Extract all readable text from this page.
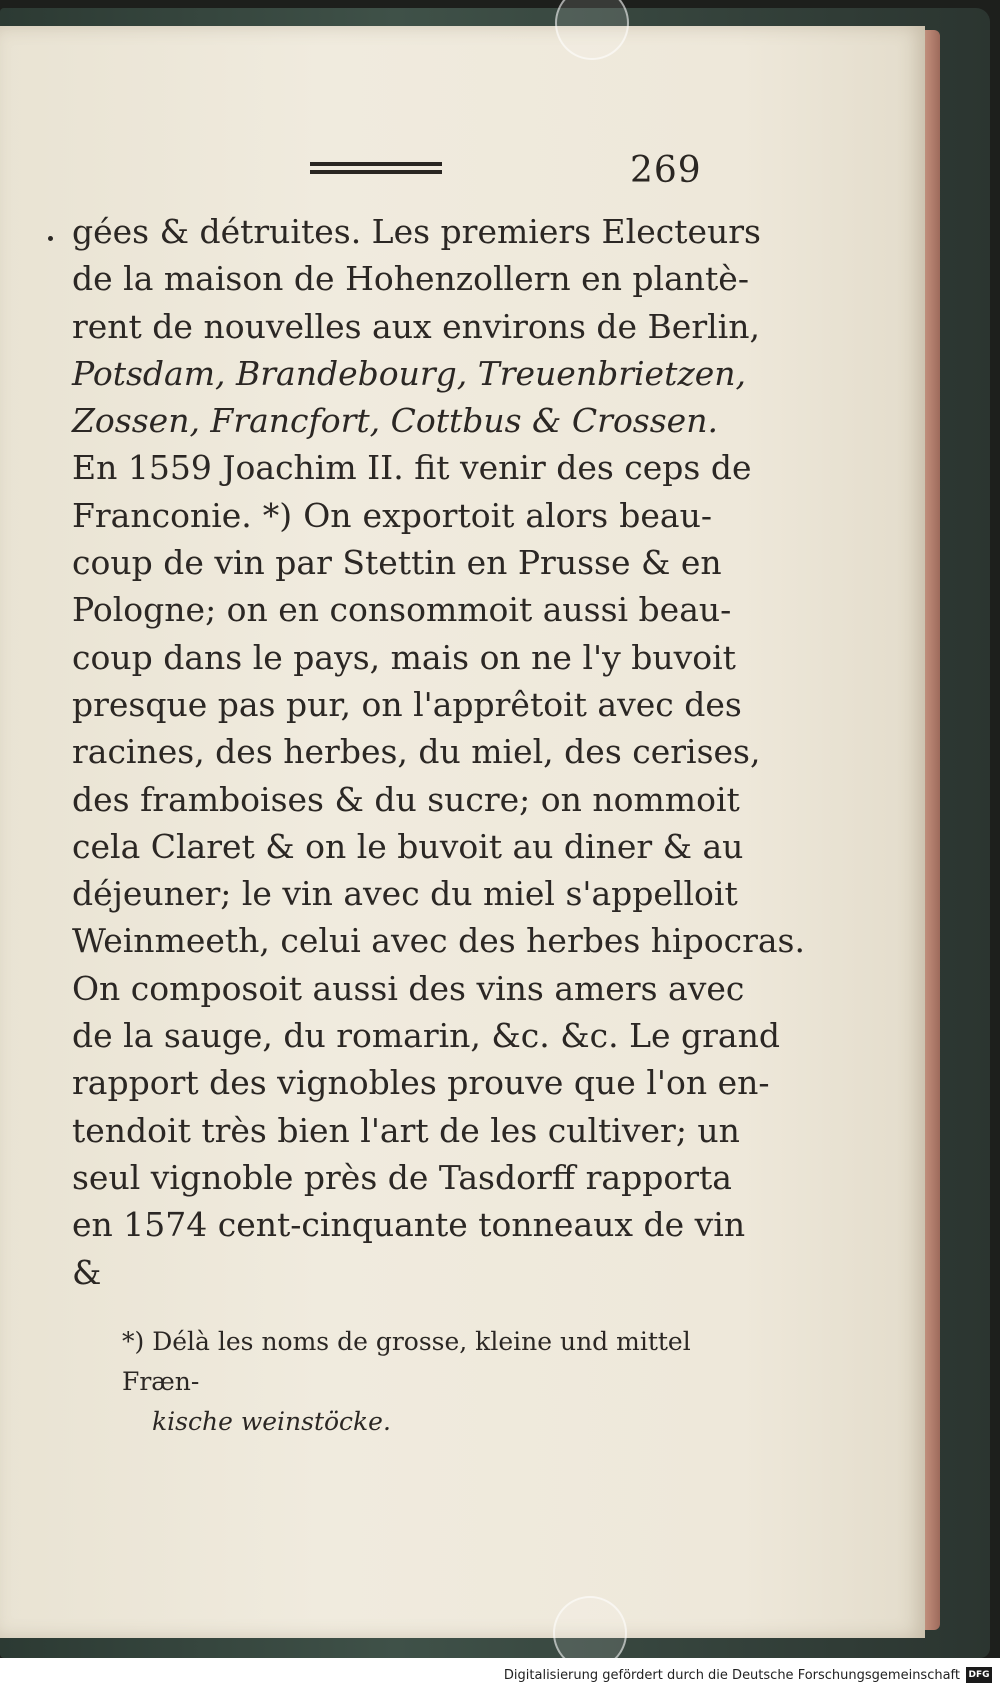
269
gées & détruites. Les premiers Electeurs
de la maison de Hohenzollern en plantè-
rent de nouvelles aux environs de Berlin,
Potsdam, Brandebourg, Treuenbrietzen,
Zossen, Francfort, Cottbus & Crossen.
En 1559 Joachim II. fit venir des ceps de
Franconie. *) On exportoit alors beau-
coup de vin par Stettin en Prusse & en
Pologne; on en consommoit aussi beau-
coup dans le pays, mais on ne l'y buvoit
presque pas pur, on l'apprêtoit avec des
racines, des herbes, du miel, des cerises,
des framboises & du sucre; on nommoit
cela Claret & on le buvoit au diner & au
déjeuner; le vin avec du miel s'appelloit
Weinmeeth, celui avec des herbes hipocras.
On composoit aussi des vins amers avec
de la sauge, du romarin, &c. &c. Le grand
rapport des vignobles prouve que l'on en-
tendoit très bien l'art de les cultiver; un
seul vignoble près de Tasdorff rapporta
en 1574 cent-cinquante tonneaux de vin
&
*) Délà les noms de grosse, kleine und mittel Fræn-
kische weinstöcke.
Digitalisierung gefördert durch die Deutsche Forschungsgemeinschaft DFG
